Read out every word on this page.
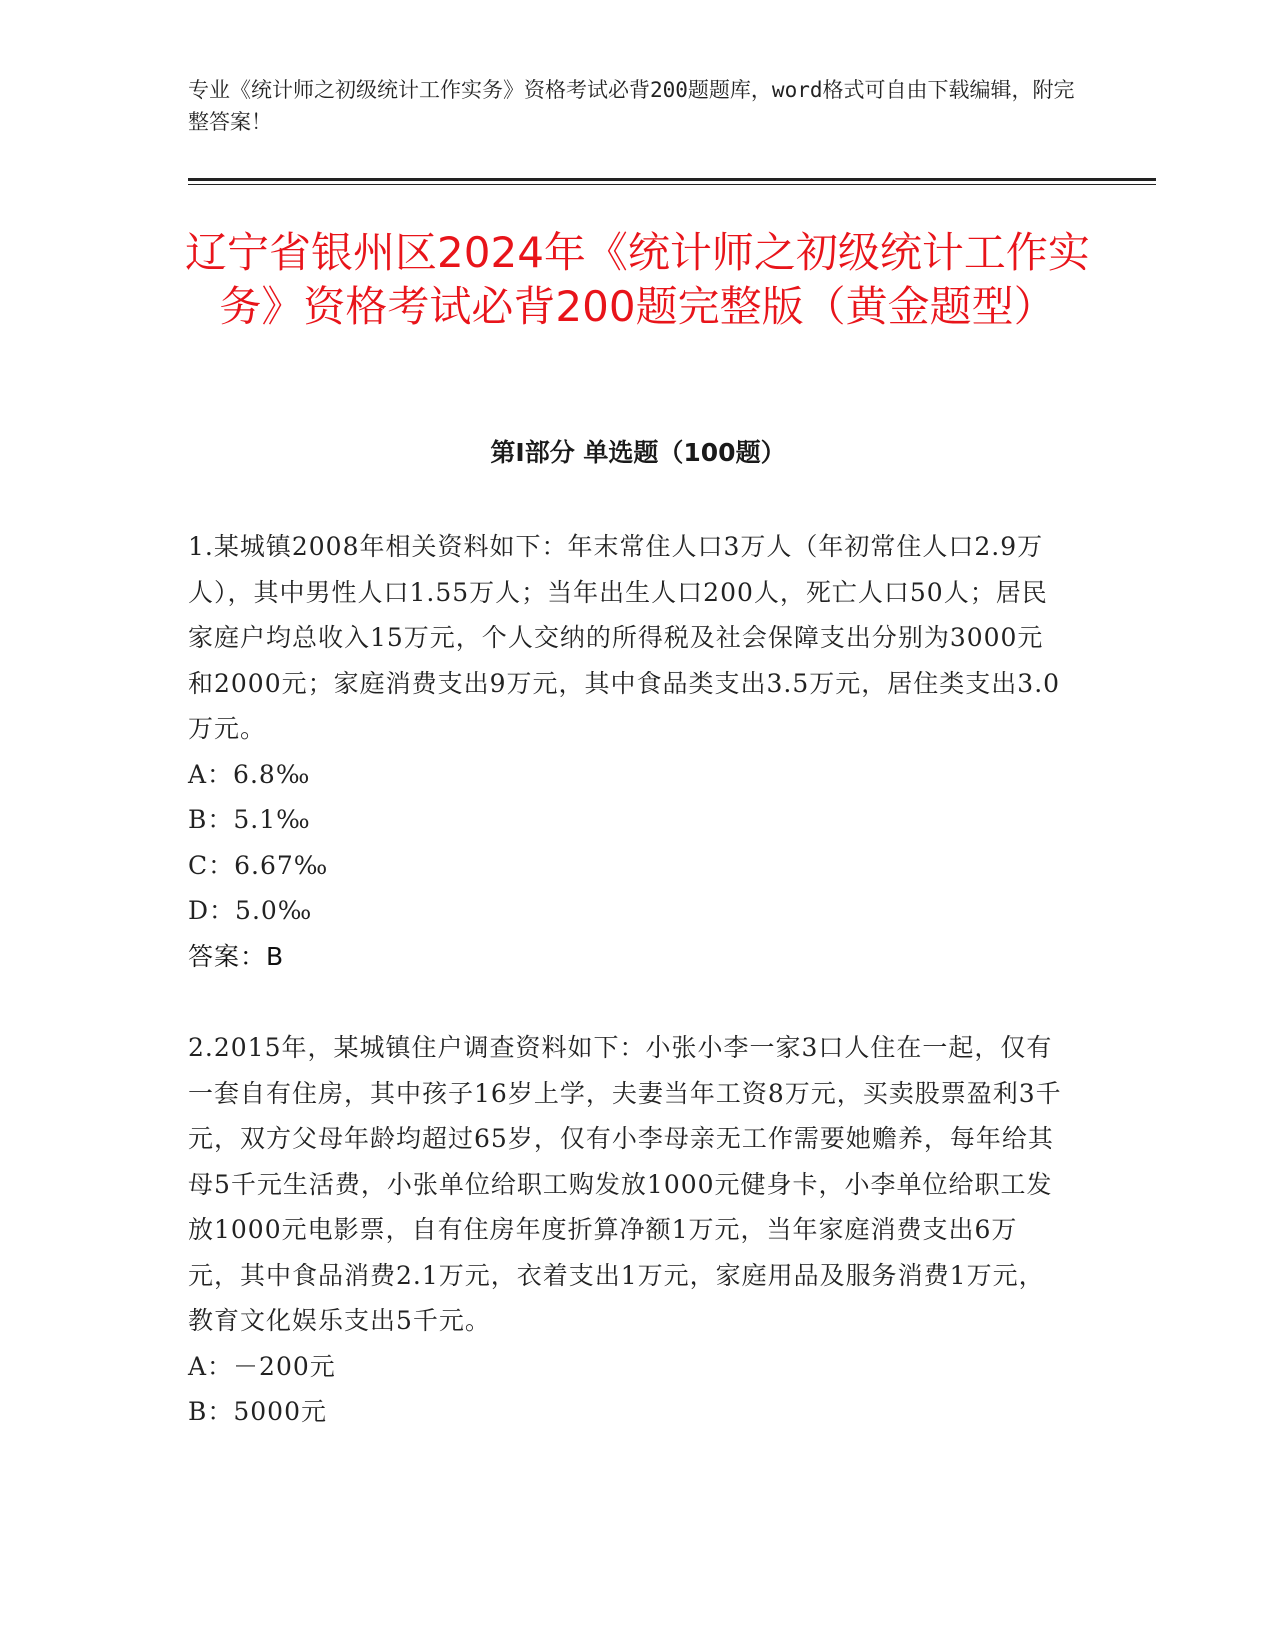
专业《统计师之初级统计工作实务》资格考试必背200题题库，word格式可自由下载编辑，附完整答案！
辽宁省银州区2024年《统计师之初级统计工作实务》资格考试必背200题完整版（黄金题型）
第I部分 单选题（100题）
1.某城镇2008年相关资料如下：年末常住人口3万人（年初常住人口2.9万人），其中男性人口1.55万人；当年出生人口200人，死亡人口50人；居民家庭户均总收入15万元，个人交纳的所得税及社会保障支出分别为3000元和2000元；家庭消费支出9万元，其中食品类支出3.5万元，居住类支出3.0万元。
A：6.8‰
B：5.1‰
C：6.67‰
D：5.0‰
答案：B
2.2015年，某城镇住户调查资料如下：小张小李一家3口人住在一起，仅有一套自有住房，其中孩子16岁上学，夫妻当年工资8万元，买卖股票盈利3千元，双方父母年龄均超过65岁，仅有小李母亲无工作需要她赡养，每年给其母5千元生活费，小张单位给职工购发放1000元健身卡，小李单位给职工发放1000元电影票，自有住房年度折算净额1万元，当年家庭消费支出6万元，其中食品消费2.1万元，衣着支出1万元，家庭用品及服务消费1万元，教育文化娱乐支出5千元。
A：－200元
B：5000元
